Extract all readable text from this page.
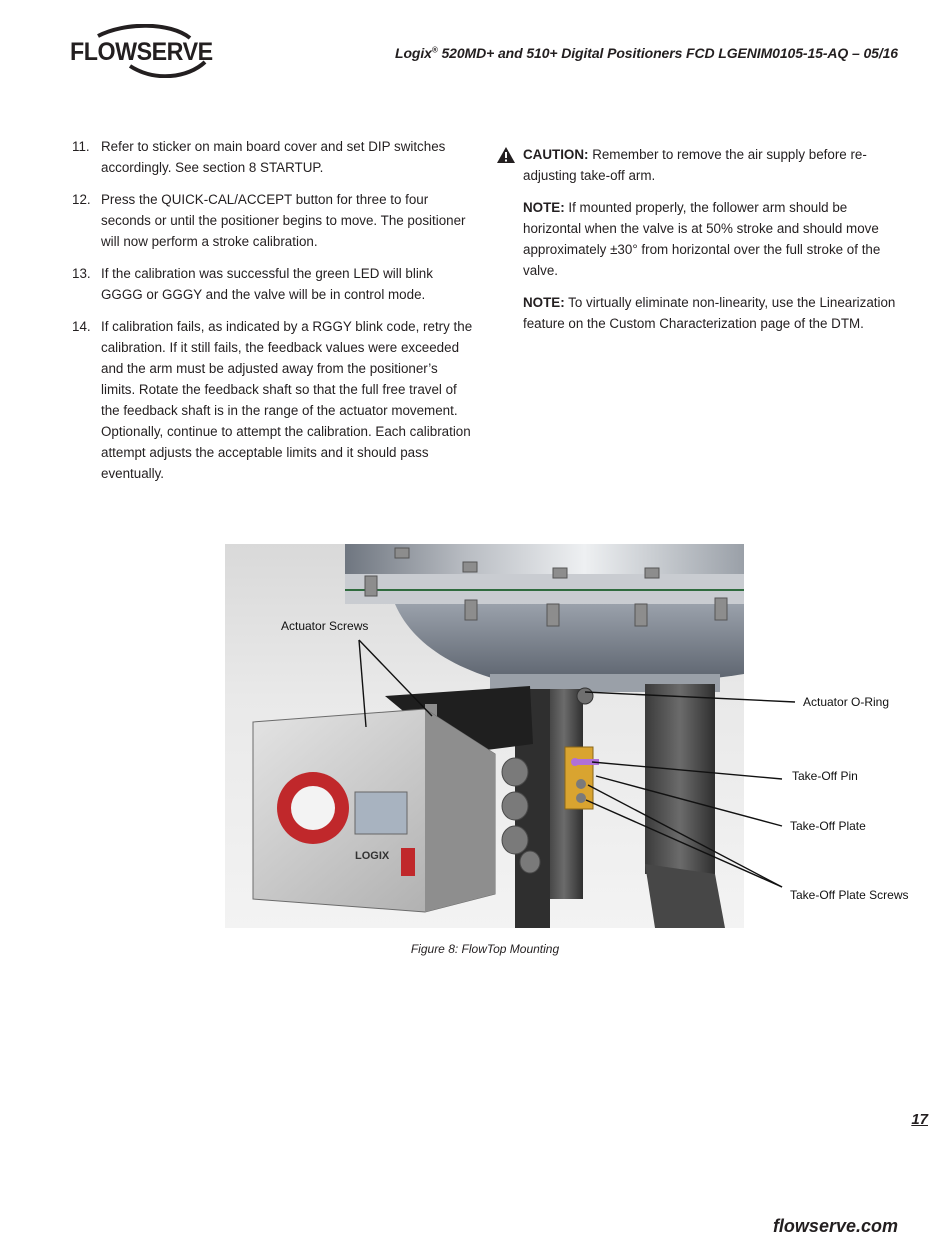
FLOWSERVE	Logix® 520MD+ and 510+ Digital Positioners FCD LGENIM0105-15-AQ – 05/16
11. Refer to sticker on main board cover and set DIP switches accordingly. See section 8 STARTUP.
12. Press the QUICK-CAL/ACCEPT button for three to four seconds or until the positioner begins to move. The positioner will now perform a stroke calibration.
13. If the calibration was successful the green LED will blink GGGG or GGGY and the valve will be in control mode.
14. If calibration fails, as indicated by a RGGY blink code, retry the calibration. If it still fails, the feedback values were exceeded and the arm must be adjusted away from the positioner’s limits. Rotate the feedback shaft so that the full free travel of the feedback shaft is in the range of the actuator movement. Optionally, continue to attempt the calibration. Each calibration attempt adjusts the acceptable limits and it should pass eventually.
CAUTION: Remember to remove the air supply before re-adjusting take-off arm.
NOTE: If mounted properly, the follower arm should be horizontal when the valve is at 50% stroke and should move approximately ±30° from horizontal over the full stroke of the valve.
NOTE: To virtually eliminate non-linearity, use the Linearization feature on the Custom Characterization page of the DTM.
LOGIX
Actuator Screws
Actuator O-Ring
Take-Off Pin
Take-Off Plate
Take-Off Plate Screws
Figure 8: FlowTop Mounting
17
flowserve.com
